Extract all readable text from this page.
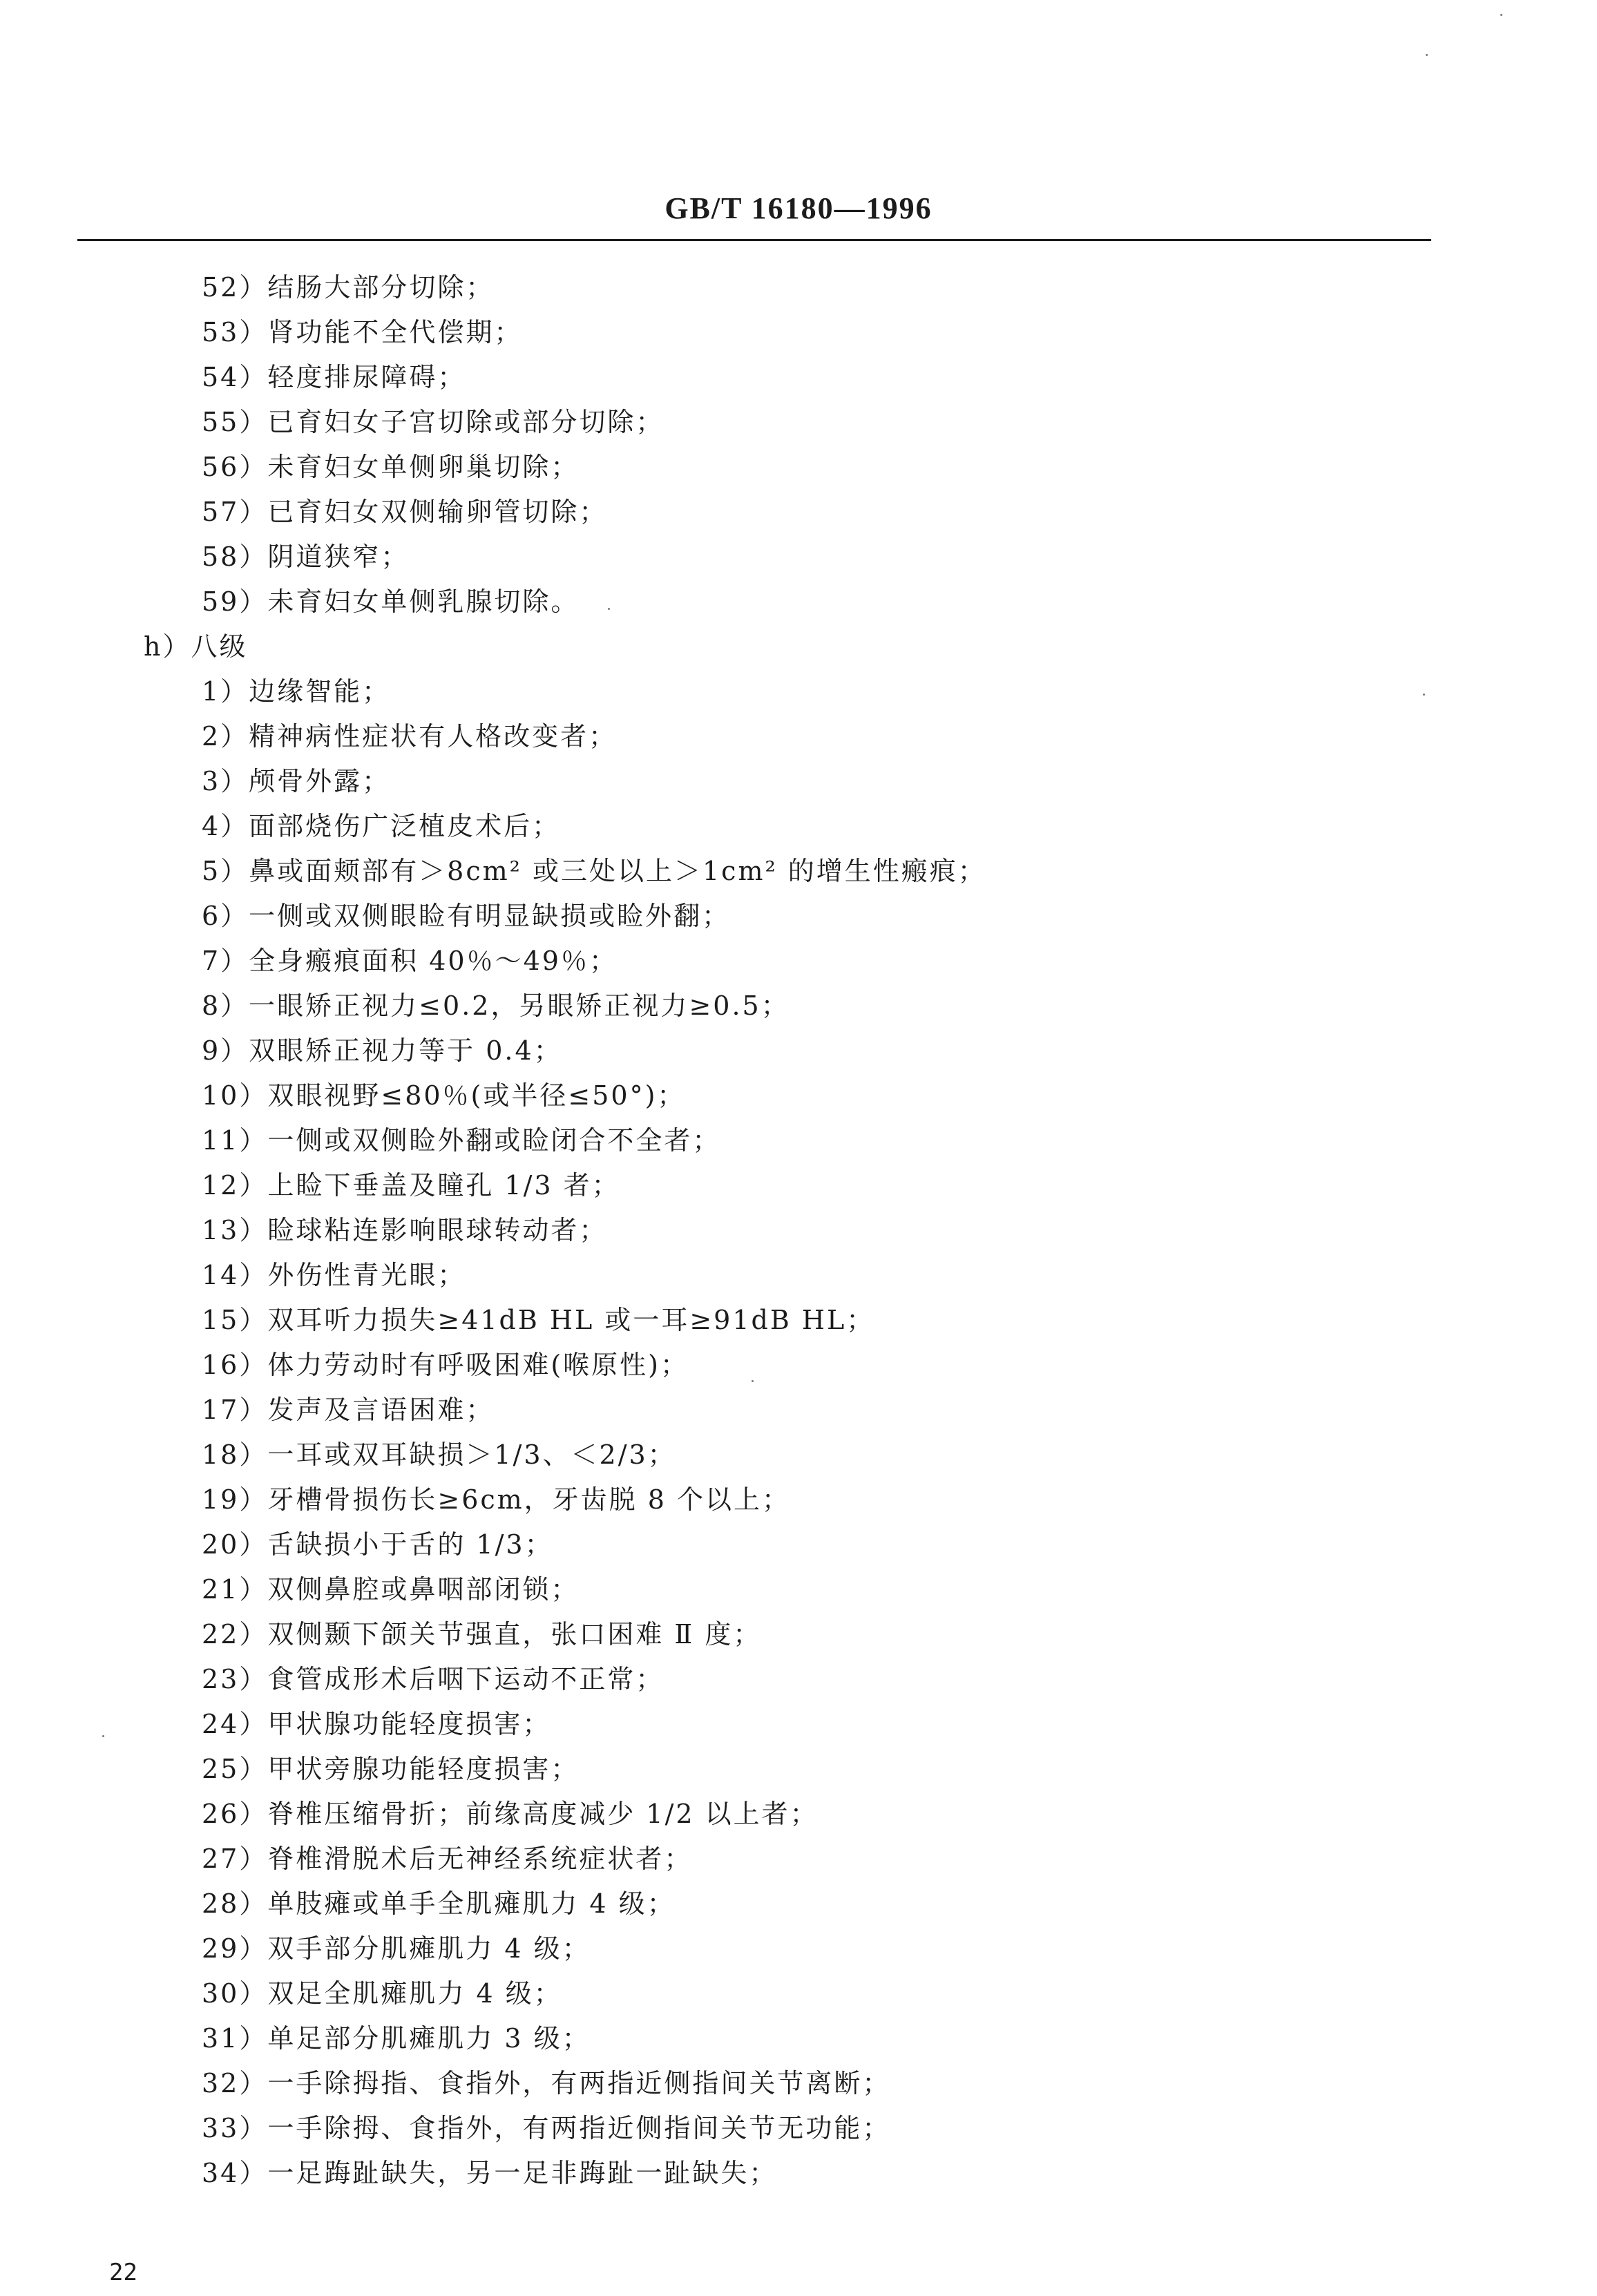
GB/T 16180—1996
52）结肠大部分切除；
53）肾功能不全代偿期；
54）轻度排尿障碍；
55）已育妇女子宫切除或部分切除；
56）未育妇女单侧卵巢切除；
57）已育妇女双侧输卵管切除；
58）阴道狭窄；
59）未育妇女单侧乳腺切除。
h）八级
1）边缘智能；
2）精神病性症状有人格改变者；
3）颅骨外露；
4）面部烧伤广泛植皮术后；
5）鼻或面颊部有＞8cm² 或三处以上＞1cm² 的增生性瘢痕；
6）一侧或双侧眼睑有明显缺损或睑外翻；
7）全身瘢痕面积 40％～49％；
8）一眼矫正视力≤0.2，另眼矫正视力≥0.5；
9）双眼矫正视力等于 0.4；
10）双眼视野≤80％(或半径≤50°)；
11）一侧或双侧睑外翻或睑闭合不全者；
12）上睑下垂盖及瞳孔 1/3 者；
13）睑球粘连影响眼球转动者；
14）外伤性青光眼；
15）双耳听力损失≥41dB HL 或一耳≥91dB HL；
16）体力劳动时有呼吸困难(喉原性)；
17）发声及言语困难；
18）一耳或双耳缺损＞1/3、＜2/3；
19）牙槽骨损伤长≥6cm，牙齿脱 8 个以上；
20）舌缺损小于舌的 1/3；
21）双侧鼻腔或鼻咽部闭锁；
22）双侧颞下颌关节强直，张口困难 Ⅱ 度；
23）食管成形术后咽下运动不正常；
24）甲状腺功能轻度损害；
25）甲状旁腺功能轻度损害；
26）脊椎压缩骨折；前缘高度减少 1/2 以上者；
27）脊椎滑脱术后无神经系统症状者；
28）单肢瘫或单手全肌瘫肌力 4 级；
29）双手部分肌瘫肌力 4 级；
30）双足全肌瘫肌力 4 级；
31）单足部分肌瘫肌力 3 级；
32）一手除拇指、食指外，有两指近侧指间关节离断；
33）一手除拇、食指外，有两指近侧指间关节无功能；
34）一足踇趾缺失，另一足非踇趾一趾缺失；
22
